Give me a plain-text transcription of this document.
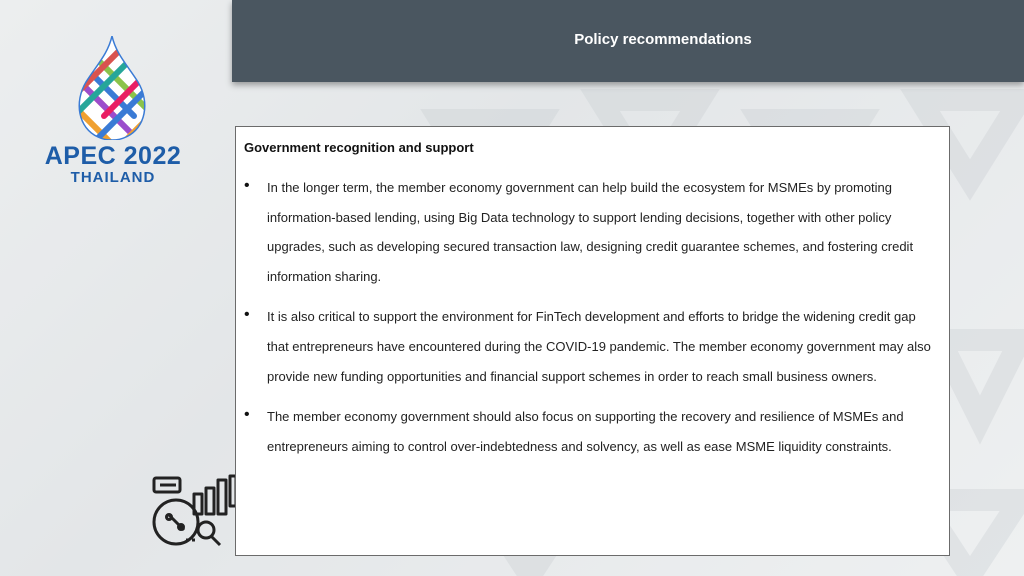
Policy recommendations
APEC 2022
THAILAND
Government recognition and support
• In the longer term, the member economy government can help build the ecosystem for MSMEs by promoting information-based lending, using Big Data technology to support lending decisions, together with other policy upgrades, such as developing secured transaction law, designing credit guarantee schemes, and fostering credit information sharing.
• It is also critical to support the environment for FinTech development and efforts to bridge the widening credit gap that entrepreneurs have encountered during the COVID-19 pandemic. The member economy government may also provide new funding opportunities and financial support schemes in order to reach small business owners.
• The member economy government should also focus on supporting the recovery and resilience of MSMEs and entrepreneurs aiming to control over-indebtedness and solvency, as well as ease MSME liquidity constraints.
